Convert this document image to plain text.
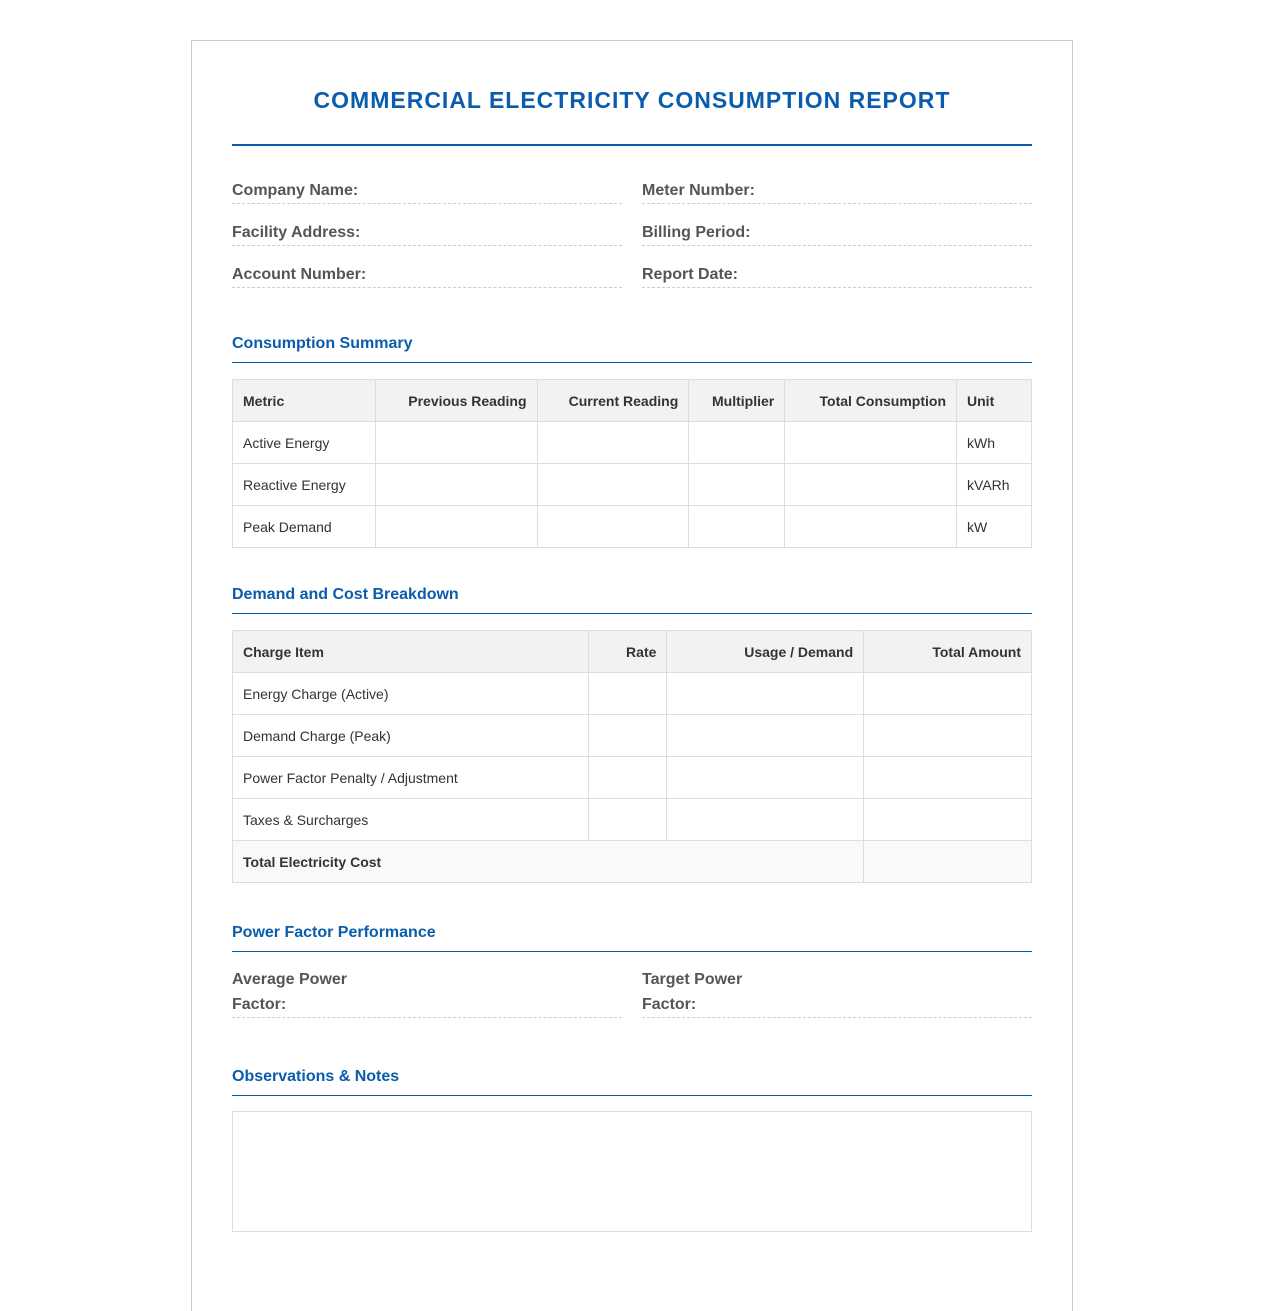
COMMERCIAL ELECTRICITY CONSUMPTION REPORT
Company Name:	Meter Number:
Facility Address:	Billing Period:
Account Number:	Report Date:
Consumption Summary
Metric	Previous Reading	Current Reading	Multiplier	Total Consumption	Unit
Active Energy					kWh
Reactive Energy					kVARh
Peak Demand					kW
Demand and Cost Breakdown
Charge Item	Rate	Usage / Demand	Total Amount
Energy Charge (Active)			
Demand Charge (Peak)			
Power Factor Penalty / Adjustment			
Taxes & Surcharges			
Total Electricity Cost			
Power Factor Performance
Average Power
Factor:
Target Power
Factor:
Observations & Notes
